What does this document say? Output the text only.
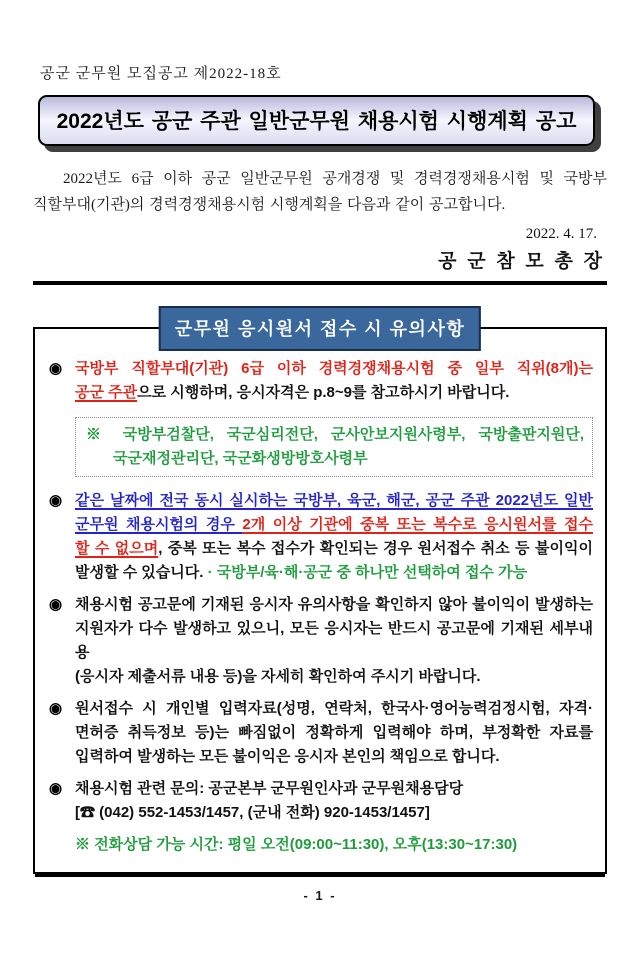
공군 군무원 모집공고 제2022-18호
2022년도 공군 주관 일반군무원 채용시험 시행계획 공고
2022년도 6급 이하 공군 일반군무원 공개경쟁 및 경력경쟁채용시험 및 국방부
직할부대(기관)의 경력경쟁채용시험 시행계획을 다음과 같이 공고합니다.
2022. 4. 17.
공 군 참 모 총 장
군무원 응시원서 접수 시 유의사항
◉ 국방부 직할부대(기관) 6급 이하 경력경쟁채용시험 중 일부 직위(8개)는
공군 주관으로 시행하며, 응시자격은 p.8~9를 참고하시기 바랍니다.
※ 국방부검찰단, 국군심리전단, 군사안보지원사령부, 국방출판지원단,
국군재정관리단, 국군화생방방호사령부
◉ 같은 날짜에 전국 동시 실시하는 국방부, 육군, 해군, 공군 주관 2022년도 일반
군무원 채용시험의 경우 2개 이상 기관에 중복 또는 복수로 응시원서를 접수
할 수 없으며, 중복 또는 복수 접수가 확인되는 경우 원서접수 취소 등 불이익이
발생할 수 있습니다. · 국방부/육·해·공군 중 하나만 선택하여 접수 가능
◉ 채용시험 공고문에 기재된 응시자 유의사항을 확인하지 않아 불이익이 발생하는
지원자가 다수 발생하고 있으니, 모든 응시자는 반드시 공고문에 기재된 세부내용
(응시자 제출서류 내용 등)을 자세히 확인하여 주시기 바랍니다.
◉ 원서접수 시 개인별 입력자료(성명, 연락처, 한국사·영어능력검정시험, 자격·
면허증 취득정보 등)는 빠짐없이 정확하게 입력해야 하며, 부정확한 자료를
입력하여 발생하는 모든 불이익은 응시자 본인의 책임으로 합니다.
◉ 채용시험 관련 문의: 공군본부 군무원인사과 군무원채용담당
[☎ (042) 552-1453/1457, (군내 전화) 920-1453/1457]
※ 전화상담 가능 시간: 평일 오전(09:00~11:30), 오후(13:30~17:30)
- 1 -
